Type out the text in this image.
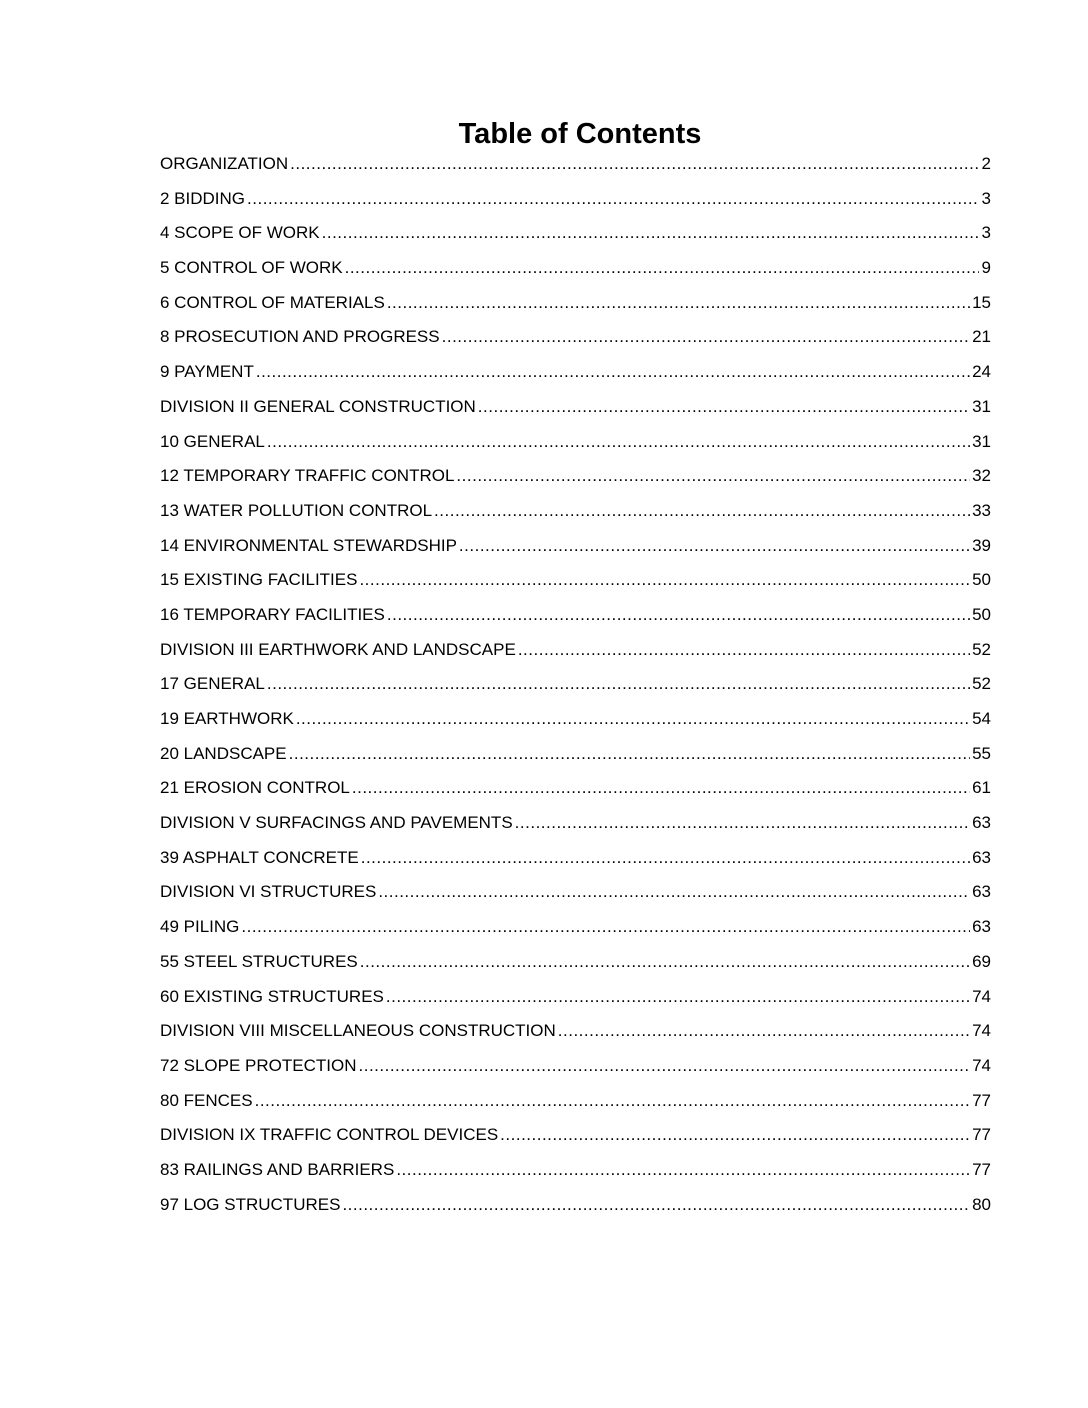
Table of Contents
ORGANIZATION .....	2
2 BIDDING .....	3
4 SCOPE OF WORK .....	3
5 CONTROL OF WORK .....	9
6 CONTROL OF MATERIALS .....	15
8 PROSECUTION AND PROGRESS .....	21
9 PAYMENT .....	24
DIVISION II GENERAL CONSTRUCTION .....	31
10 GENERAL .....	31
12 TEMPORARY TRAFFIC CONTROL .....	32
13 WATER POLLUTION CONTROL .....	33
14 ENVIRONMENTAL STEWARDSHIP .....	39
15 EXISTING FACILITIES .....	50
16 TEMPORARY FACILITIES .....	50
DIVISION III EARTHWORK AND LANDSCAPE .....	52
17 GENERAL .....	52
19 EARTHWORK .....	54
20 LANDSCAPE .....	55
21 EROSION CONTROL .....	61
DIVISION V SURFACINGS AND PAVEMENTS .....	63
39 ASPHALT CONCRETE .....	63
DIVISION VI STRUCTURES .....	63
49 PILING .....	63
55 STEEL STRUCTURES .....	69
60 EXISTING STRUCTURES .....	74
DIVISION VIII MISCELLANEOUS CONSTRUCTION .....	74
72 SLOPE PROTECTION .....	74
80 FENCES .....	77
DIVISION IX TRAFFIC CONTROL DEVICES .....	77
83 RAILINGS AND BARRIERS .....	77
97 LOG STRUCTURES .....	80
